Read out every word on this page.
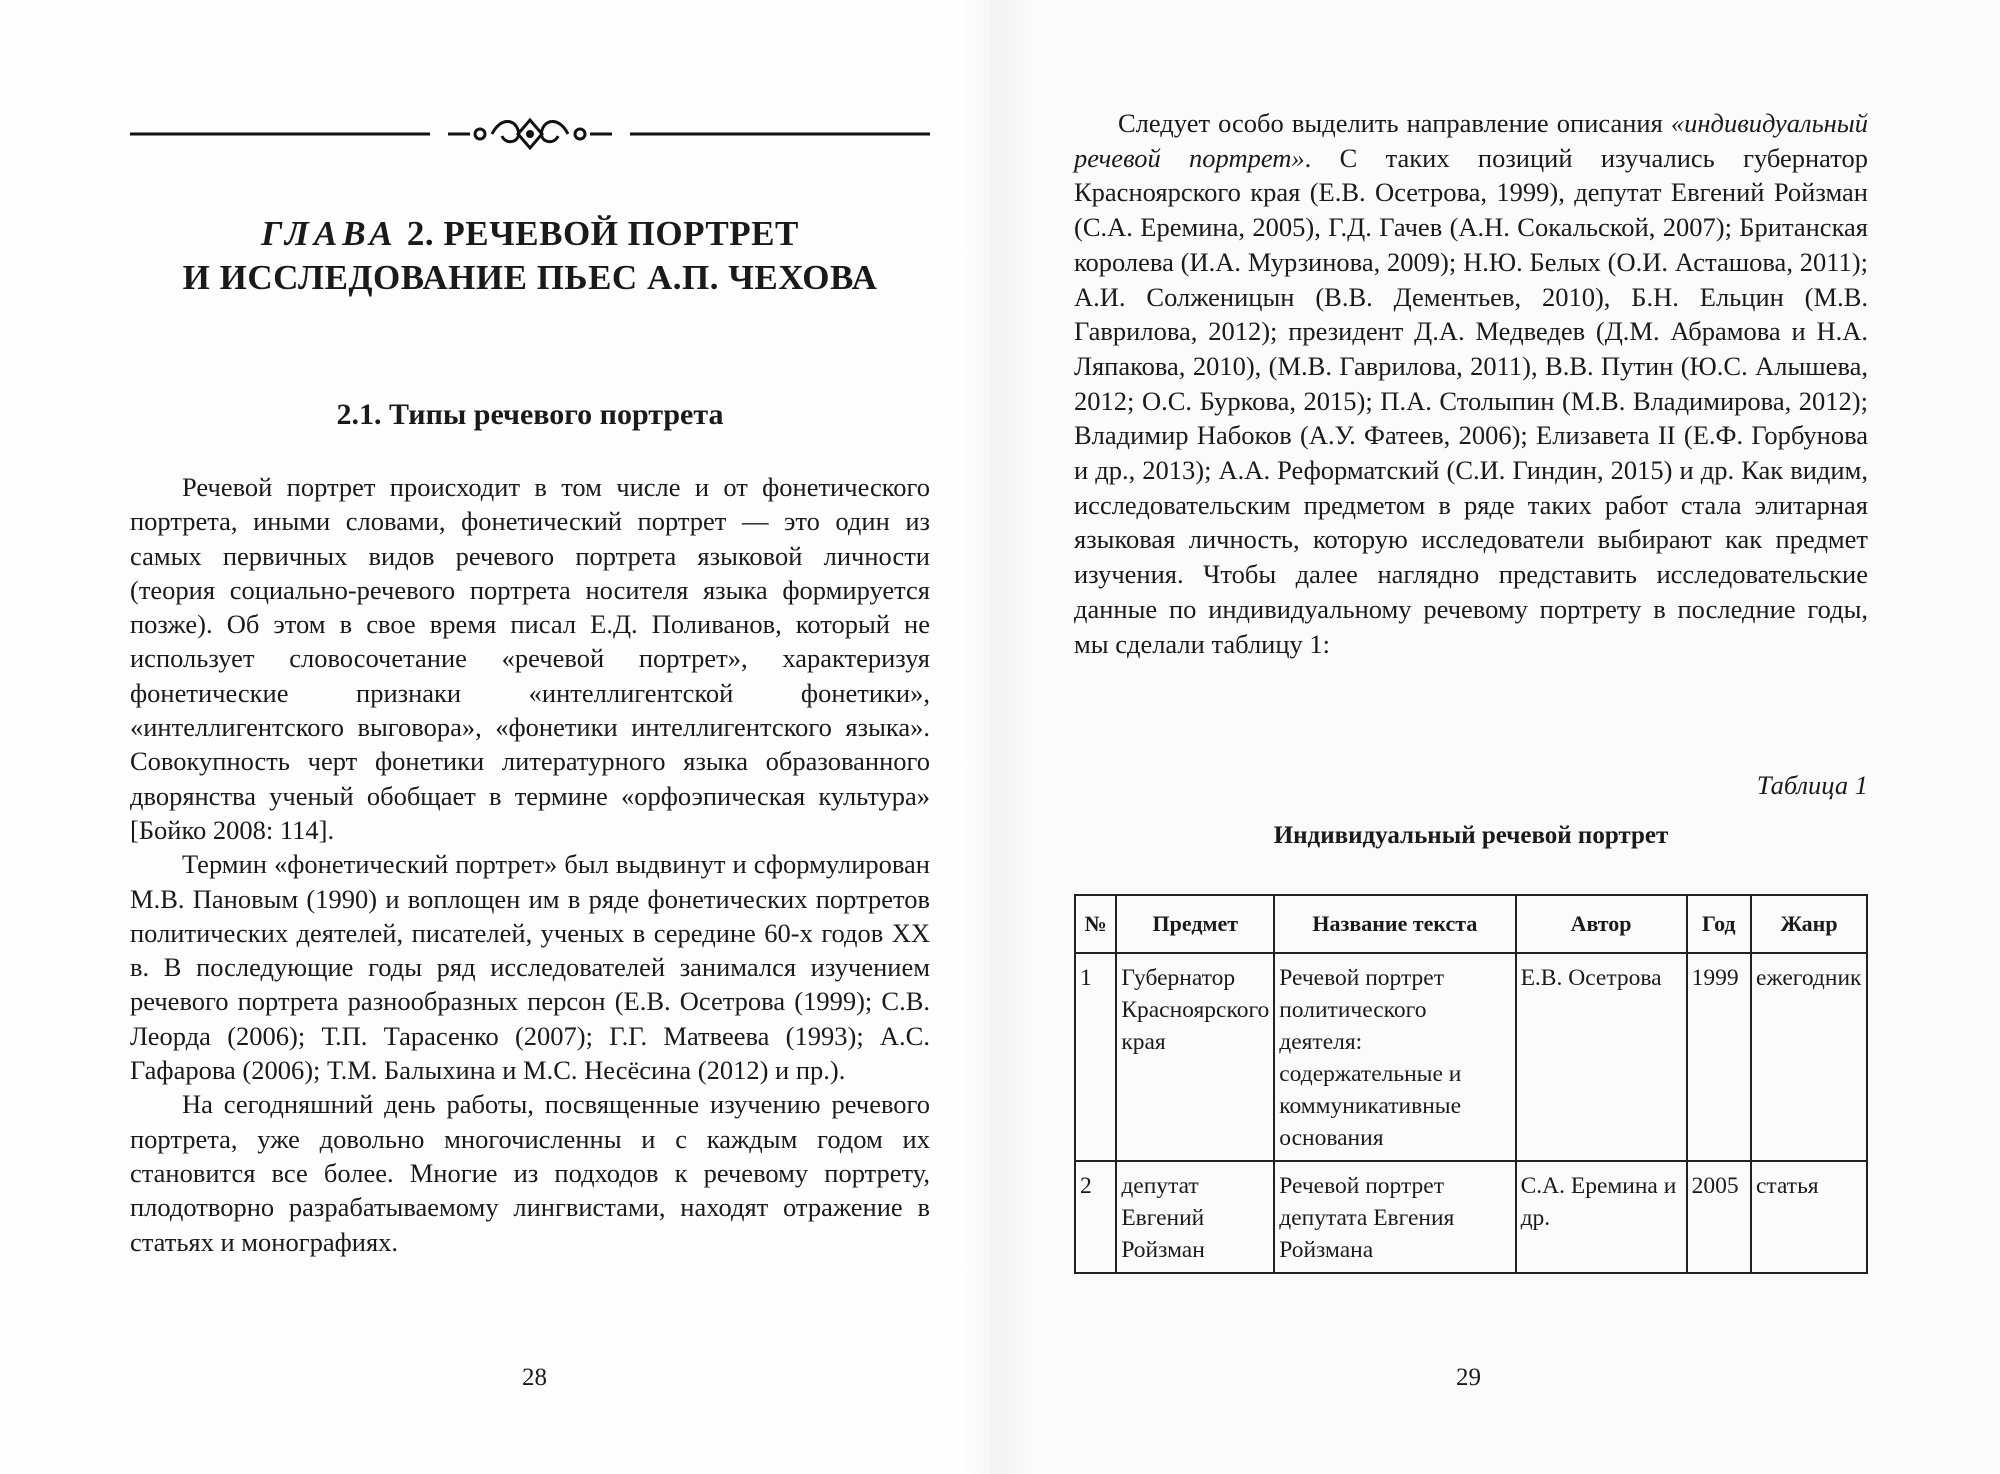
ГЛАВА 2. РЕЧЕВОЙ ПОРТРЕТ
И ИССЛЕДОВАНИЕ ПЬЕС А.П. ЧЕХОВА
2.1. Типы речевого портрета

Речевой портрет происходит в том числе и от фонетического портрета, иными словами, фонетический портрет — это один из самых первичных видов речевого портрета языковой личности (теория социально-речевого портрета носителя языка формируется позже). Об этом в свое время писал Е.Д. Поливанов, который не использует словосочетание «речевой портрет», характеризуя фонетические признаки «интеллигентской фонетики», «интеллигентского выговора», «фонетики интеллигентского языка». Совокупность черт фонетики литературного языка образованного дворянства ученый обобщает в термине «орфоэпическая культура» [Бойко 2008: 114].

Термин «фонетический портрет» был выдвинут и сформулирован М.В. Пановым (1990) и воплощен им в ряде фонетических портретов политических деятелей, писателей, ученых в середине 60-х годов XX в. В последующие годы ряд исследователей занимался изучением речевого портрета разнообразных персон (Е.В. Осетрова (1999); С.В. Леорда (2006); Т.П. Тарасенко (2007); Г.Г. Матвеева (1993); А.С. Гафарова (2006); Т.М. Балыхина и М.С. Несёсина (2012) и пр.).

На сегодняшний день работы, посвященные изучению речевого портрета, уже довольно многочисленны и с каждым годом их становится все более. Многие из подходов к речевому портрету, плодотворно разрабатываемому лингвистами, находят отражение в статьях и монографиях.

28

Следует особо выделить направление описания «индивидуальный речевой портрет». С таких позиций изучались губернатор Красноярского края (Е.В. Осетрова, 1999), депутат Евгений Ройзман (С.А. Еремина, 2005), Г.Д. Гачев (А.Н. Сокальской, 2007); Британская королева (И.А. Мурзинова, 2009); Н.Ю. Белых (О.И. Асташова, 2011); А.И. Солженицын (В.В. Дементьев, 2010), Б.Н. Ельцин (М.В. Гаврилова, 2012); президент Д.А. Медведев (Д.М. Абрамова и Н.А. Ляпакова, 2010), (М.В. Гаврилова, 2011), В.В. Путин (Ю.С. Алышева, 2012; О.С. Буркова, 2015); П.А. Столыпин (М.В. Владимирова, 2012); Владимир Набоков (А.У. Фатеев, 2006); Елизавета II (Е.Ф. Горбунова и др., 2013); А.А. Реформатский (С.И. Гиндин, 2015) и др. Как видим, исследовательским предметом в ряде таких работ стала элитарная языковая личность, которую исследователи выбирают как предмет изучения. Чтобы далее наглядно представить исследовательские данные по индивидуальному речевому портрету в последние годы, мы сделали таблицу 1:

Таблица 1
Индивидуальный речевой портрет
№	Предмет	Название текста	Автор	Год	Жанр
1	Губернатор Красноярского края	Речевой портрет политического деятеля: содержательные и коммуникативные основания	Е.В. Осетрова	1999	ежегодник
2	депутат Евгений Ройзман	Речевой портрет депутата Евгения Ройзмана	С.А. Еремина и др.	2005	статья
29
